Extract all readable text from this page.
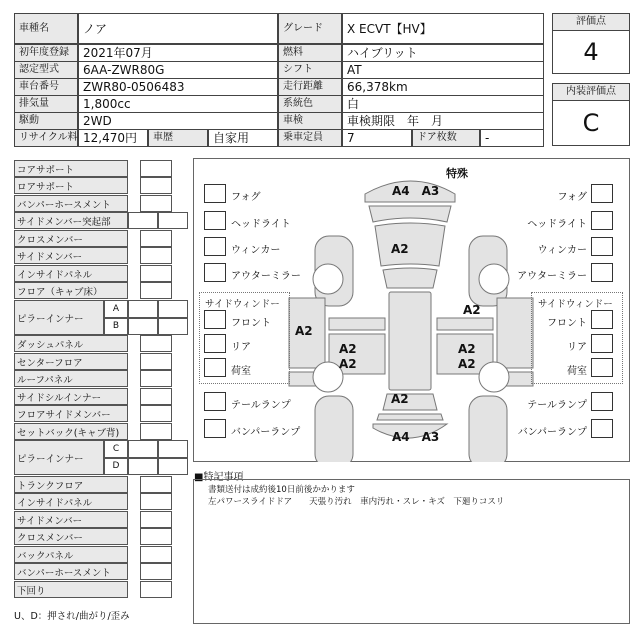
車種名	ノア	グレード	X ECVT【HV】
初年度登録	2021年07月	燃料	ハイブリット
認定型式	6AA-ZWR80G	シフト	AT
車台番号	ZWR80-0506483	走行距離	66,378km
排気量	1,800cc	系統色	白
駆動	2WD	車検	車検期限　年　月
リサイクル料 12,470円	車歴	自家用	乗車定員	7	ドア枚数	-
評価点
4
内装評価点
C
コアサポート
ロアサポート
バンパーホースメント
サイドメンバー突起部
クロスメンバー
サイドメンバー
インサイドパネル
フロア（キャブ床）
ピラーインナー
A
B
ダッシュパネル
センターフロア
ルーフパネル
サイドシルインナー
フロアサイドメンバー
セットバック(キャブ背)
ピラーインナー
C
D
トランクフロア
インサイドパネル
サイドメンバー
クロスメンバー
バックパネル
バンパーホースメント
下回り
U、D：押され/曲がり/歪み
特殊
A4　A3
A2
A2
A2
A2
A2
A2
A2
A2
A4　A3
サイドウィンドー	サイドウィンドー
フォグ
ヘッドライト
ウィンカー
アウターミラー
フォグ
ヘッドライト
ウィンカー
アウターミラー
フロント	フロント
リア	リア
荷室	荷室
テールランプ
バンパーランプ
テールランプ
バンパーランプ
■特記事項
書類送付は成約後10日前後かかります
左パワースライドドア　　天張り汚れ　車内汚れ・スレ・キズ　下廻りコスリ
